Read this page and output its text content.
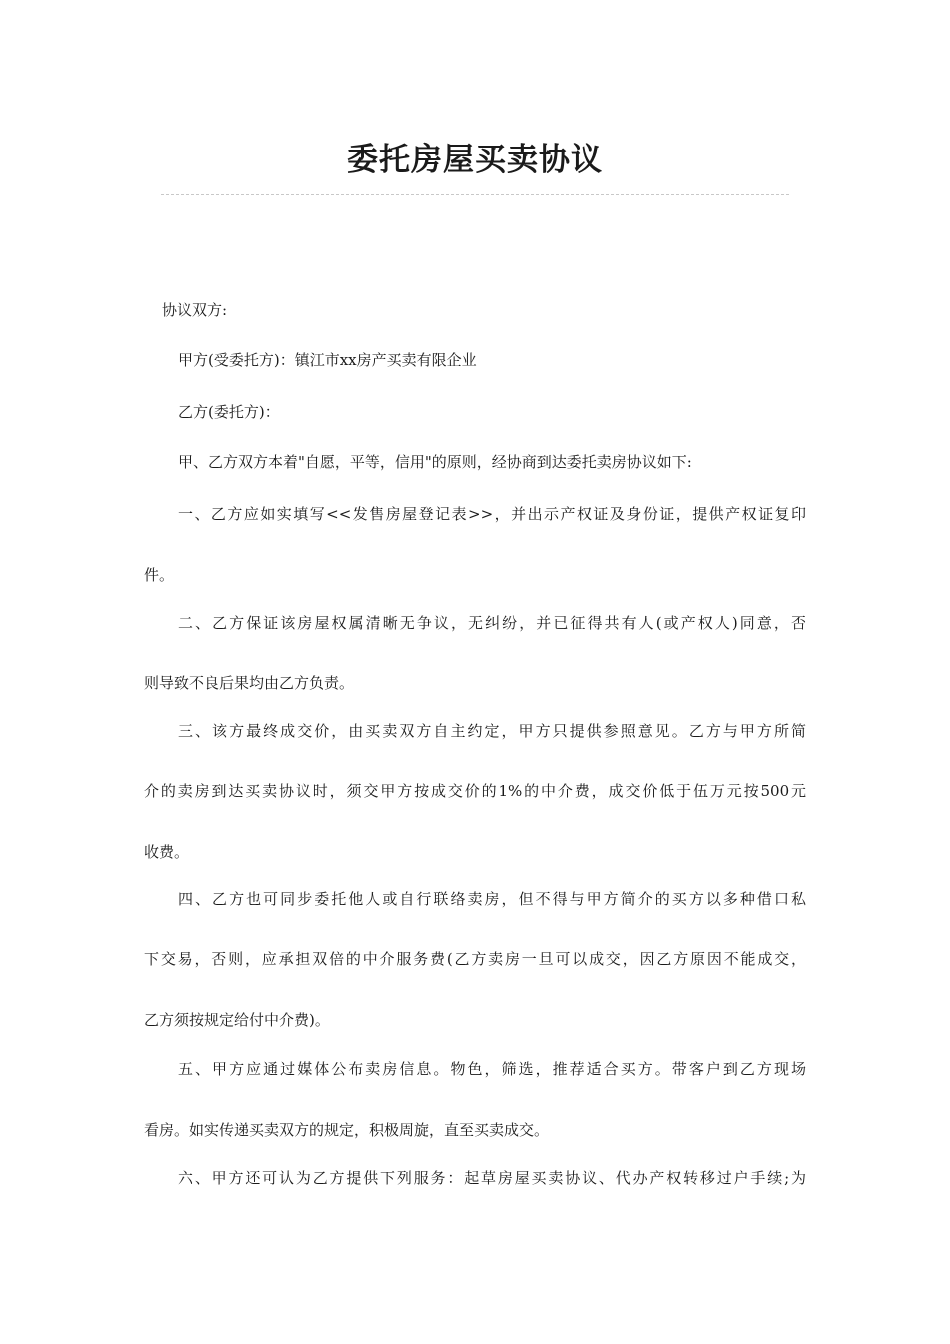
委托房屋买卖协议

协议双方:

甲方(受委托方)：镇江市xx房产买卖有限企业

乙方(委托方)：

甲、乙方双方本着"自愿，平等，信用"的原则，经协商到达委托卖房协议如下:

一、乙方应如实填写<<发售房屋登记表>>，并出示产权证及身份证，提供产权证复印

件。

二、乙方保证该房屋权属清晰无争议，无纠纷，并已征得共有人(或产权人)同意，否

则导致不良后果均由乙方负责。

三、该方最终成交价，由买卖双方自主约定，甲方只提供参照意见。乙方与甲方所简

介的卖房到达买卖协议时，须交甲方按成交价的1%的中介费，成交价低于伍万元按500元

收费。

四、乙方也可同步委托他人或自行联络卖房，但不得与甲方简介的买方以多种借口私

下交易，否则，应承担双倍的中介服务费(乙方卖房一旦可以成交，因乙方原因不能成交，

乙方须按规定给付中介费)。

五、甲方应通过媒体公布卖房信息。物色，筛选，推荐适合买方。带客户到乙方现场

看房。如实传递买卖双方的规定，积极周旋，直至买卖成交。

六、甲方还可认为乙方提供下列服务：起草房屋买卖协议、代办产权转移过户手续;为
